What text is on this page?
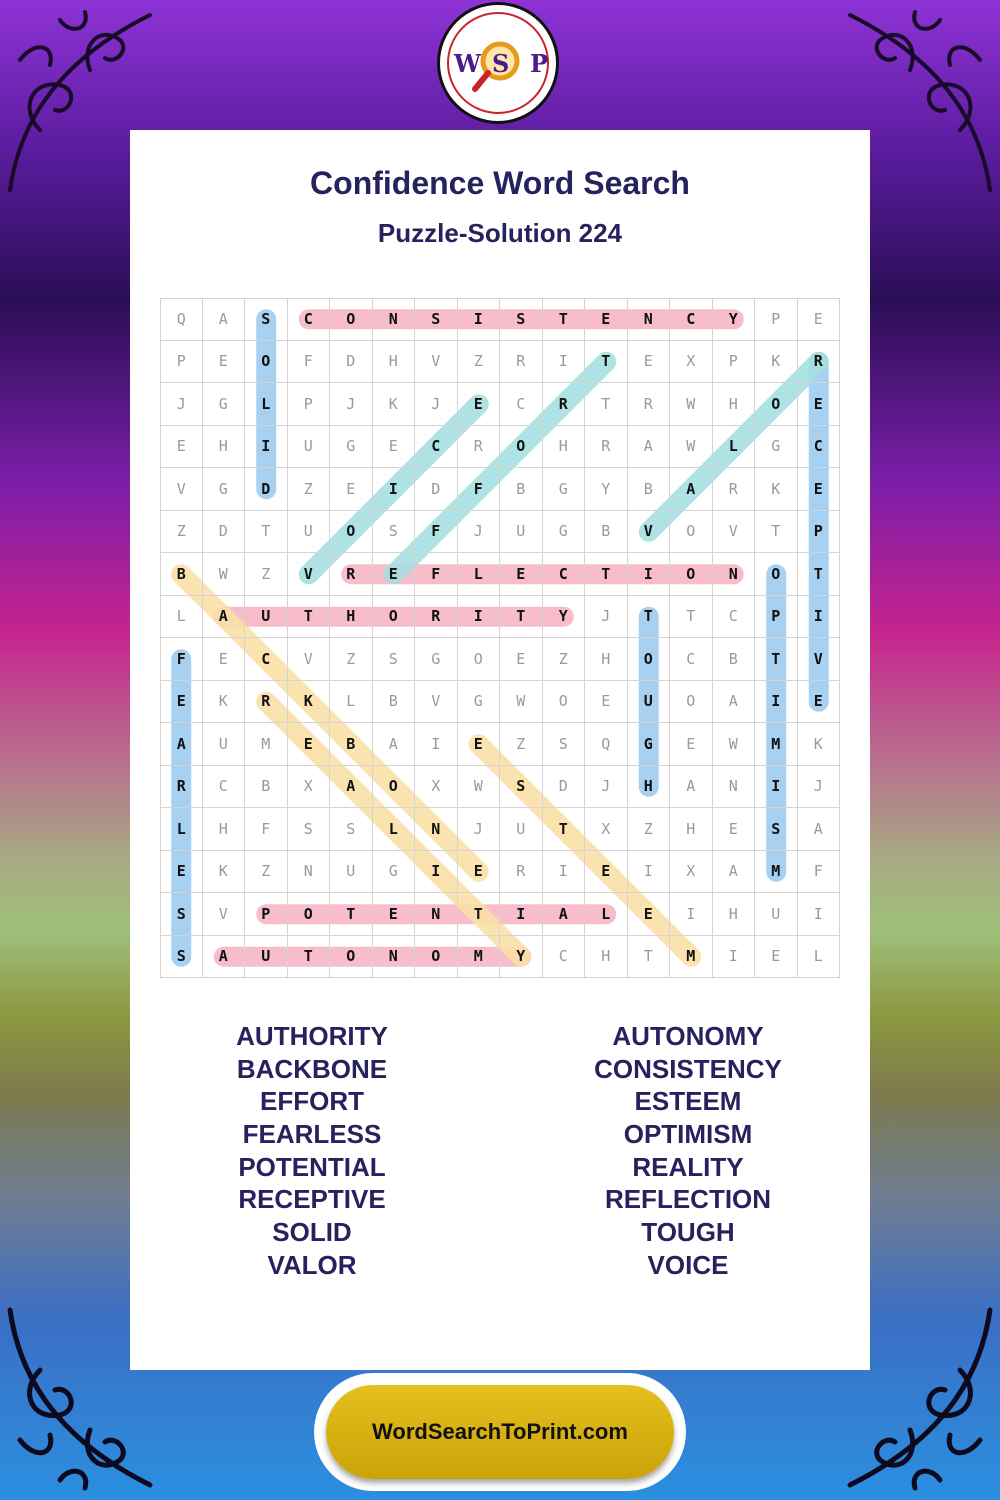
W S P
Confidence Word Search
Puzzle-Solution 224
Q	A	S	C	O	N	S	I	S	T	E	N	C	Y	P	E
P	E	O	F	D	H	V	Z	R	I	T	E	X	P	K	R
J	G	L	P	J	K	J	E	C	R	T	R	W	H	O	E
E	H	I	U	G	E	C	R	O	H	R	A	W	L	G	C
V	G	D	Z	E	I	D	F	B	G	Y	B	A	R	K	E
Z	D	T	U	O	S	F	J	U	G	B	V	O	V	T	P
B	W	Z	V	R	E	F	L	E	C	T	I	O	N	O	T
L	A	U	T	H	O	R	I	T	Y	J	T	T	C	P	I
F	E	C	V	Z	S	G	O	E	Z	H	O	C	B	T	V
E	K	R	K	L	B	V	G	W	O	E	U	O	A	I	E
A	U	M	E	B	A	I	E	Z	S	Q	G	E	W	M	K
R	C	B	X	A	O	X	W	S	D	J	H	A	N	I	J
L	H	F	S	S	L	N	J	U	T	X	Z	H	E	S	A
E	K	Z	N	U	G	I	E	R	I	E	I	X	A	M	F
S	V	P	O	T	E	N	T	I	A	L	E	I	H	U	I
S	A	U	T	O	N	O	M	Y	C	H	T	M	I	E	L
AUTHORITY
BACKBONE
EFFORT
FEARLESS
POTENTIAL
RECEPTIVE
SOLID
VALOR
AUTONOMY
CONSISTENCY
ESTEEM
OPTIMISM
REALITY
REFLECTION
TOUGH
VOICE
WordSearchToPrint.com
